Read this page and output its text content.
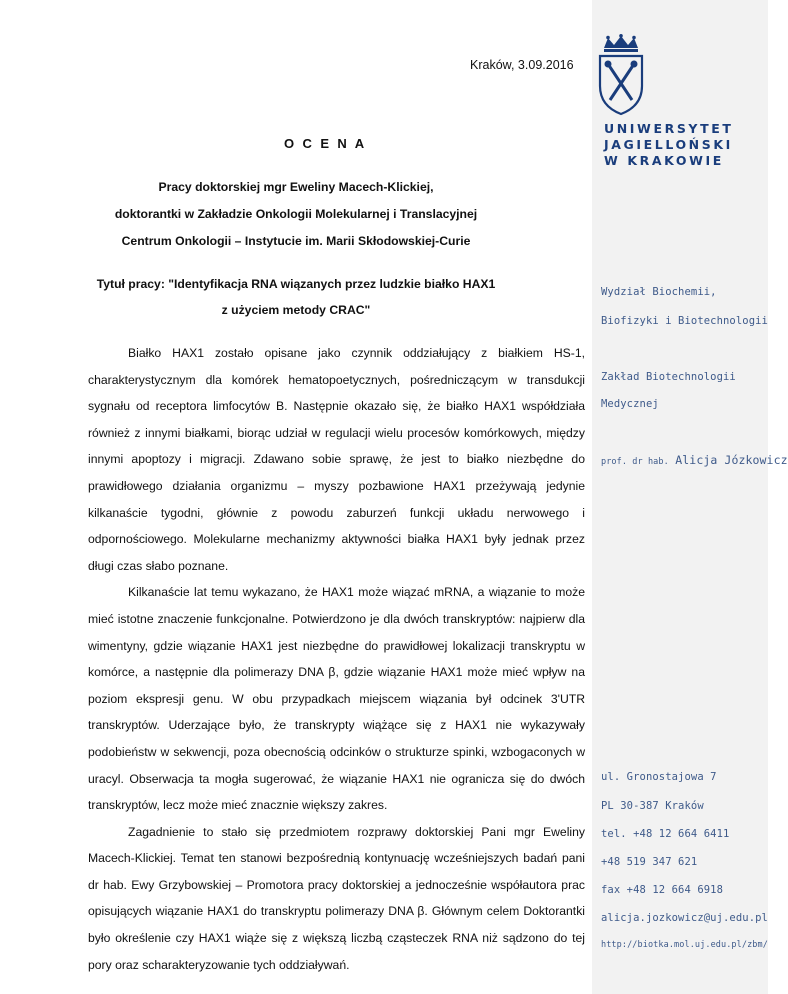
UNIWERSYTET
JAGIELLOŃSKI
W KRAKOWIE
Wydział Biochemii,
Biofizyki i Biotechnologii
Zakład Biotechnologii
Medycznej
prof. dr hab. Alicja Józkowicz
ul. Gronostajowa 7
PL 30-387 Kraków
tel. +48 12 664 6411
+48 519 347 621
fax +48 12 664 6918
alicja.jozkowicz@uj.edu.pl
http://biotka.mol.uj.edu.pl/zbm/
Kraków, 3.09.2016
O C E N A
Pracy doktorskiej mgr Eweliny Macech-Klickiej,
doktorantki w Zakładzie Onkologii Molekularnej i Translacyjnej
Centrum Onkologii – Instytucie im. Marii Skłodowskiej-Curie
Tytuł pracy: "Identyfikacja RNA wiązanych przez ludzkie białko HAX1
z użyciem metody CRAC"

Białko HAX1 zostało opisane jako czynnik oddziałujący z białkiem HS-1, charakterystycznym dla komórek hematopoetycznych, pośredniczącym w transdukcji sygnału od receptora limfocytów B. Następnie okazało się, że białko HAX1 współdziała również z innymi białkami, biorąc udział w regulacji wielu procesów komórkowych, między innymi apoptozy i migracji. Zdawano sobie sprawę, że jest to białko niezbędne do prawidłowego działania organizmu – myszy pozbawione HAX1 przeżywają jedynie kilkanaście tygodni, głównie z powodu zaburzeń funkcji układu nerwowego i odpornościowego. Molekularne mechanizmy aktywności białka HAX1 były jednak przez długi czas słabo poznane.

Kilkanaście lat temu wykazano, że HAX1 może wiązać mRNA, a wiązanie to może mieć istotne znaczenie funkcjonalne. Potwierdzono je dla dwóch transkryptów: najpierw dla wimentyny, gdzie wiązanie HAX1 jest niezbędne do prawidłowej lokalizacji transkryptu w komórce, a następnie dla polimerazy DNA β, gdzie wiązanie HAX1 może mieć wpływ na poziom ekspresji genu. W obu przypadkach miejscem wiązania był odcinek 3'UTR transkryptów. Uderzające było, że transkrypty wiążące się z HAX1 nie wykazywały podobieństw w sekwencji, poza obecnością odcinków o strukturze spinki, wzbogaconych w uracyl. Obserwacja ta mogła sugerować, że wiązanie HAX1 nie ogranicza się do dwóch transkryptów, lecz może mieć znacznie większy zakres.

Zagadnienie to stało się przedmiotem rozprawy doktorskiej Pani mgr Eweliny Macech-Klickiej. Temat ten stanowi bezpośrednią kontynuację wcześniejszych badań pani dr hab. Ewy Grzybowskiej – Promotora pracy doktorskiej a jednocześnie współautora prac opisujących wiązanie HAX1 do transkryptu polimerazy DNA β. Głównym celem Doktorantki było określenie czy HAX1 wiąże się z większą liczbą cząsteczek RNA niż sądzono do tej pory oraz scharakteryzowanie tych oddziaływań.
